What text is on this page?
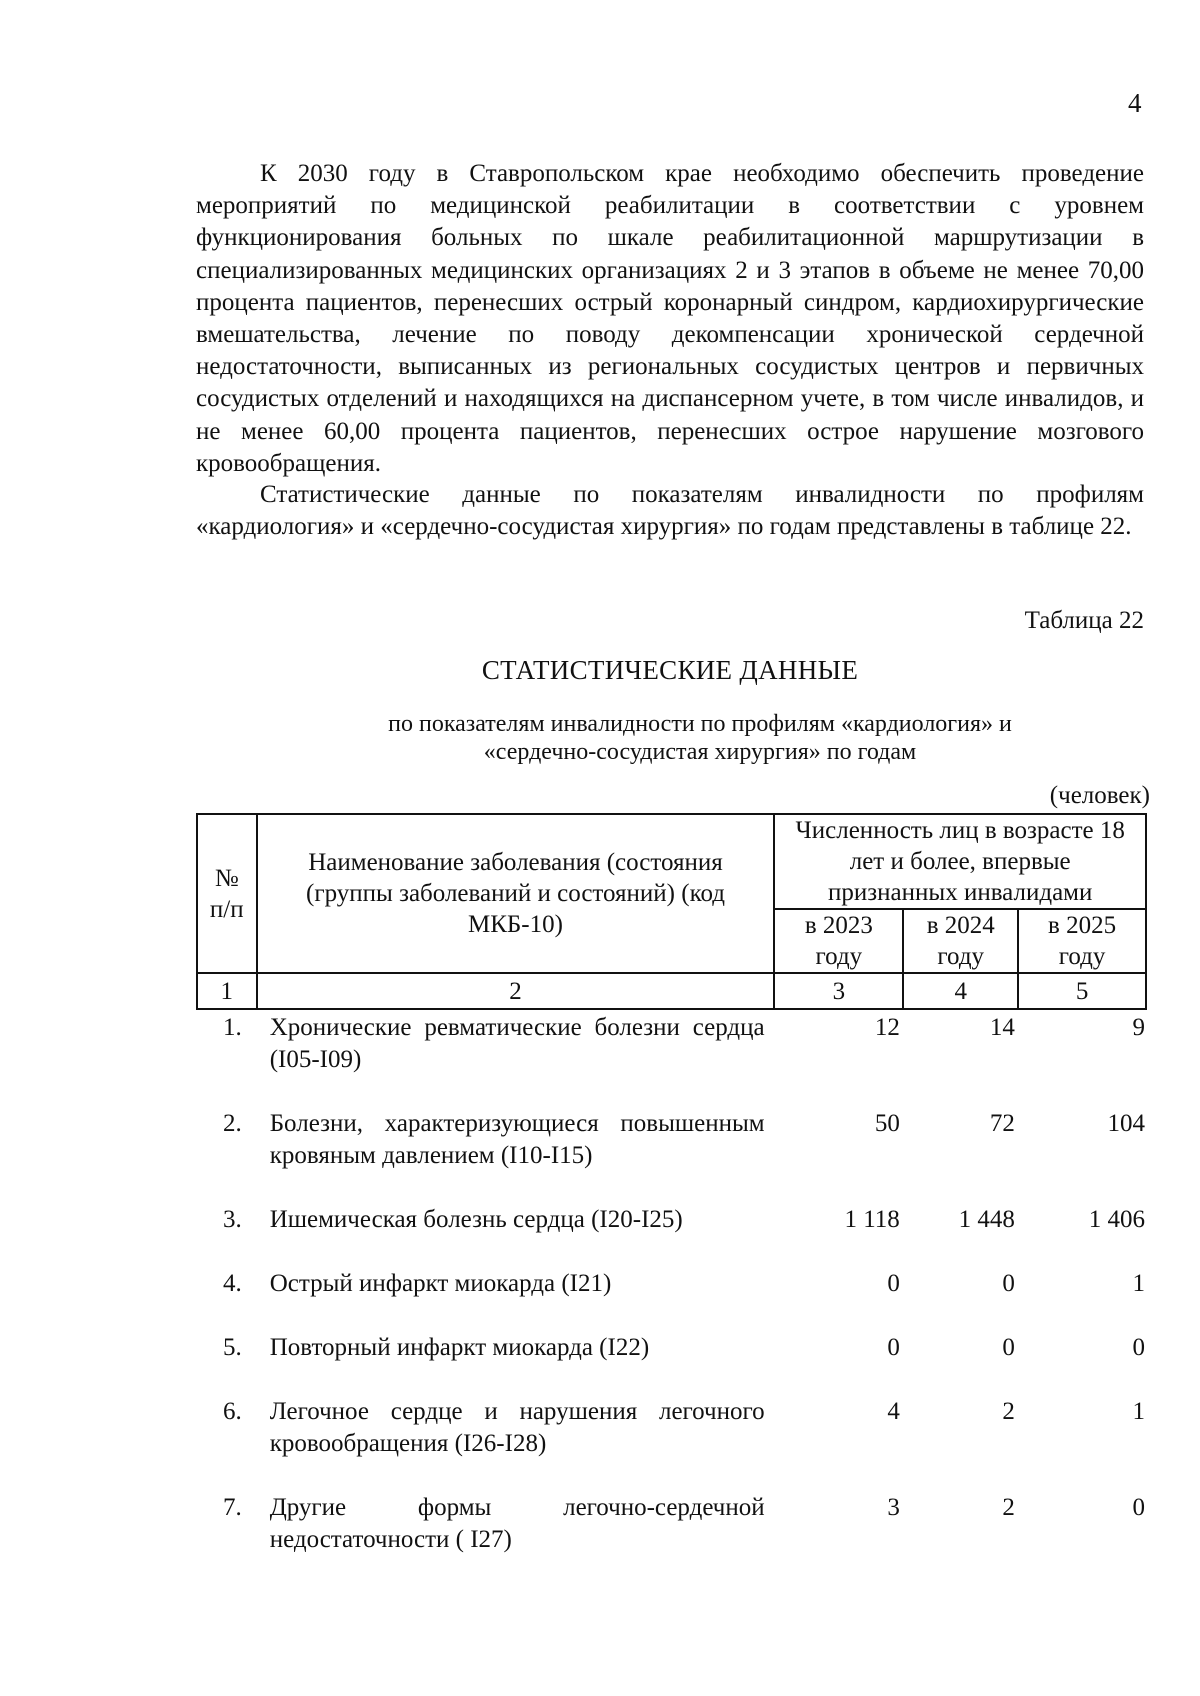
4

К 2030 году в Ставропольском крае необходимо обеспечить проведение мероприятий по медицинской реабилитации в соответствии с уровнем функционирования больных по шкале реабилитационной маршрутизации в специализированных медицинских организациях 2 и 3 этапов в объеме не менее 70,00 процента пациентов, перенесших острый коронарный синдром, кардиохирургические вмешательства, лечение по поводу декомпенсации хронической сердечной недостаточности, выписанных из региональных сосудистых центров и первичных сосудистых отделений и находящихся на диспансерном учете, в том числе инвалидов, и не менее 60,00 процента пациентов, перенесших острое нарушение мозгового кровообращения.

Статистические данные по показателям инвалидности по профилям «кардиология» и «сердечно-сосудистая хирургия» по годам представлены в таблице 22.

Таблица 22
СТАТИСТИЧЕСКИЕ ДАННЫЕ
по показателям инвалидности по профилям «кардиология» и
«сердечно-сосудистая хирургия» по годам
(человек)
№
п/п	Наименование заболевания (состояния (группы заболеваний и состояний) (код МКБ-10)	Численность лиц в возрасте 18 лет и более, впервые признанных инвалидами		
		в 2023 году	в 2024 году	в 2025 году
1	2	3	4	5
1.	Хронические ревматические болезни сердца (I05-I09)	12	14	9
2.	Болезни, характеризующиеся повышенным кровяным давлением (I10-I15)	50	72	104
3.	Ишемическая болезнь сердца (I20-I25)	1 118	1 448	1 406
4.	Острый инфаркт миокарда (I21)	0	0	1
5.	Повторный инфаркт миокарда (I22)	0	0	0
6.	Легочное сердце и нарушения легочного кровообращения (I26-I28)	4	2	1
7.	Другие формы легочно-сердечной недостаточности ( I27)	3	2	0
